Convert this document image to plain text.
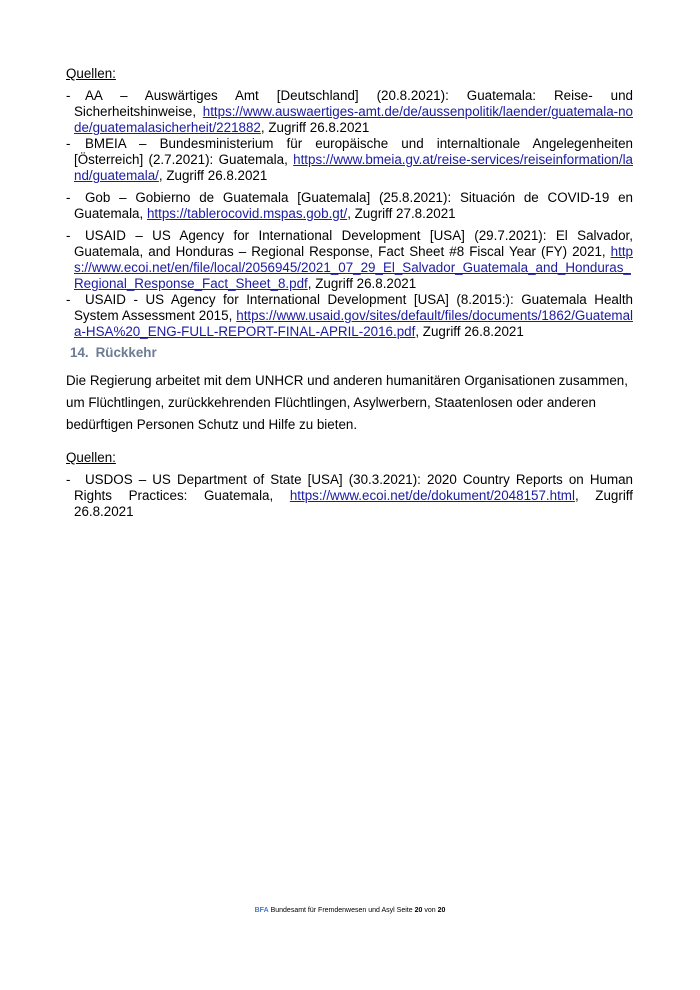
Quellen:

- AA – Auswärtiges Amt [Deutschland] (20.8.2021): Guatemala: Reise- und Sicherheitshinweise, https://www.auswaertiges-amt.de/de/aussenpolitik/laender/guatemala-node/guatemalasicherheit/221882, Zugriff 26.8.2021
- BMEIA – Bundesministerium für europäische und internaltionale Angelegenheiten [Österreich] (2.7.2021): Guatemala, https://www.bmeia.gv.at/reise-services/reiseinformation/land/guatemala/, Zugriff 26.8.2021
- Gob – Gobierno de Guatemala [Guatemala] (25.8.2021): Situación de COVID-19 en Guatemala, https://tablerocovid.mspas.gob.gt/, Zugriff 27.8.2021
- USAID – US Agency for International Development [USA] (29.7.2021): El Salvador, Guatemala, and Honduras – Regional Response, Fact Sheet #8 Fiscal Year (FY) 2021, https://www.ecoi.net/en/file/local/2056945/2021_07_29_El_Salvador_Guatemala_and_Honduras_Regional_Response_Fact_Sheet_8.pdf, Zugriff 26.8.2021
- USAID - US Agency for International Development [USA] (8.2015:): Guatemala Health System Assessment 2015, https://www.usaid.gov/sites/default/files/documents/1862/Guatemala-HSA%20_ENG-FULL-REPORT-FINAL-APRIL-2016.pdf, Zugriff 26.8.2021
14. Rückkehr

Die Regierung arbeitet mit dem UNHCR und anderen humanitären Organisationen zusammen, um Flüchtlingen, zurückkehrenden Flüchtlingen, Asylwerbern, Staatenlosen oder anderen bedürftigen Personen Schutz und Hilfe zu bieten.

Quellen:

- USDOS – US Department of State [USA] (30.3.2021): 2020 Country Reports on Human Rights Practices: Guatemala, https://www.ecoi.net/de/dokument/2048157.html, Zugriff 26.8.2021
BFA Bundesamt für Fremdenwesen und Asyl Seite 20 von 20
